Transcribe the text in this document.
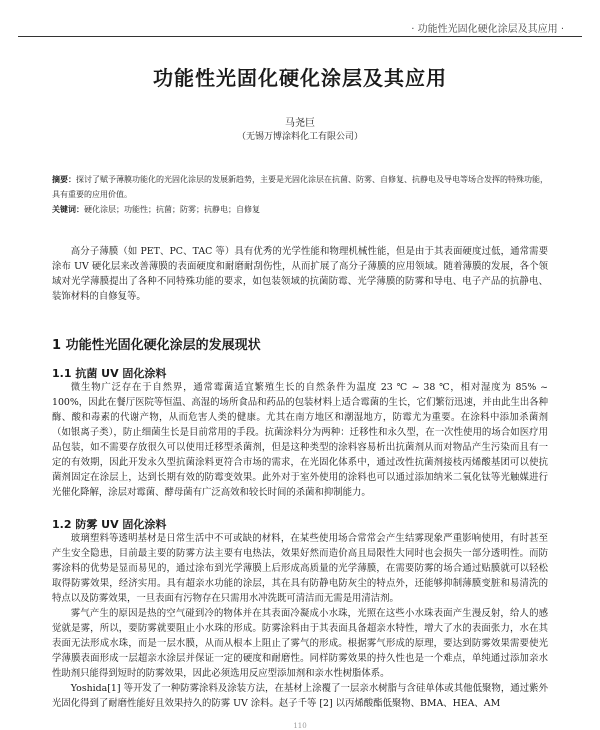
· 功能性光固化硬化涂层及其应用 ·
功能性光固化硬化涂层及其应用
马尧巨
（无锡万博涂料化工有限公司）

摘要：探讨了赋予薄膜功能化的光固化涂层的发展新趋势，主要是光固化涂层在抗菌、防雾、自修复、抗静电及导电等场合发挥的特殊功能，具有重要的应用价值。

关键词：硬化涂层；功能性；抗菌；防雾；抗静电；自修复

高分子薄膜（如 PET、PC、TAC 等）具有优秀的光学性能和物理机械性能，但是由于其表面硬度过低，通常需要涂布 UV 硬化层来改善薄膜的表面硬度和耐磨耐刮伤性，从而扩展了高分子薄膜的应用领域。随着薄膜的发展，各个领域对光学薄膜提出了各种不同特殊功能的要求，如包装领域的抗菌防霉、光学薄膜的防雾和导电、电子产品的抗静电、装饰材料的自修复等。

1 功能性光固化硬化涂层的发展现状
1.1 抗菌 UV 固化涂料

微生物广泛存在于自然界，通常霉菌适宜繁殖生长的自然条件为温度 23 ℃ ~ 38 ℃，相对湿度为 85% ~ 100%，因此在餐厅医院等恒温、高湿的场所食品和药品的包装材料上适合霉菌的生长，它们繁衍迅速，并由此生出各种酶、酸和毒素的代谢产物，从而危害人类的健康。尤其在南方地区和潮湿地方，防霉尤为重要。在涂料中添加杀菌剂（如银离子类），防止细菌生长是目前常用的手段。抗菌涂料分为两种：迁移性和永久型，在一次性使用的场合如医疗用品包装，如不需要存放很久可以使用迁移型杀菌剂，但是这种类型的涂料容易析出抗菌剂从而对物品产生污染而且有一定的有效期，因此开发永久型抗菌涂料更符合市场的需求，在光固化体系中，通过改性抗菌剂接枝丙烯酸基团可以使抗菌剂固定在涂层上，达到长期有效的防霉变效果。此外对于室外使用的涂料也可以通过添加纳米二氧化钛等光触媒进行光催化降解，涂层对霉菌、酵母菌有广泛高效和较长时间的杀菌和抑制能力。

1.2 防雾 UV 固化涂料

玻璃塑料等透明基材是日常生活中不可或缺的材料，在某些使用场合常常会产生结雾现象严重影响使用，有时甚至产生安全隐患，目前最主要的防雾方法主要有电热法，效果好然而造价高且局限性大同时也会损失一部分透明性。而防雾涂料的优势是显而易见的，通过涂布到光学薄膜上后形成高质量的光学薄膜，在需要防雾的场合通过贴膜就可以轻松取得防雾效果，经济实用。具有超亲水功能的涂层，其在具有防静电防灰尘的特点外，还能够抑制薄膜变脏和易清洗的特点以及防雾效果，一旦表面有污物存在只需用水冲洗既可清洁而无需是用清洁剂。

雾气产生的原因是热的空气碰到冷的物体并在其表面冷凝成小水珠，光照在这些小水珠表面产生漫反射，给人的感觉就是雾，所以，要防雾就要阻止小水珠的形成。防雾涂料由于其表面具备超亲水特性，增大了水的表面张力，水在其表面无法形成水珠，而是一层水膜，从而从根本上阻止了雾气的形成。根据雾气形成的原理，要达到防雾效果需要使光学薄膜表面形成一层超亲水涂层并保证一定的硬度和耐磨性。同样防雾效果的持久性也是一个难点，单纯通过添加亲水性助剂只能得到短时的防雾效果，因此必须选用反应型添加剂和亲水性树脂体系。

Yoshida[1] 等开发了一种防雾涂料及涂装方法，在基材上涂覆了一层亲水树脂与含硅单体或其他低聚物，通过紫外光固化得到了耐磨性能好且效果持久的防雾 UV 涂料。赵子千等 [2] 以丙烯酸酯低聚物、BMA、HEA、AM

110
